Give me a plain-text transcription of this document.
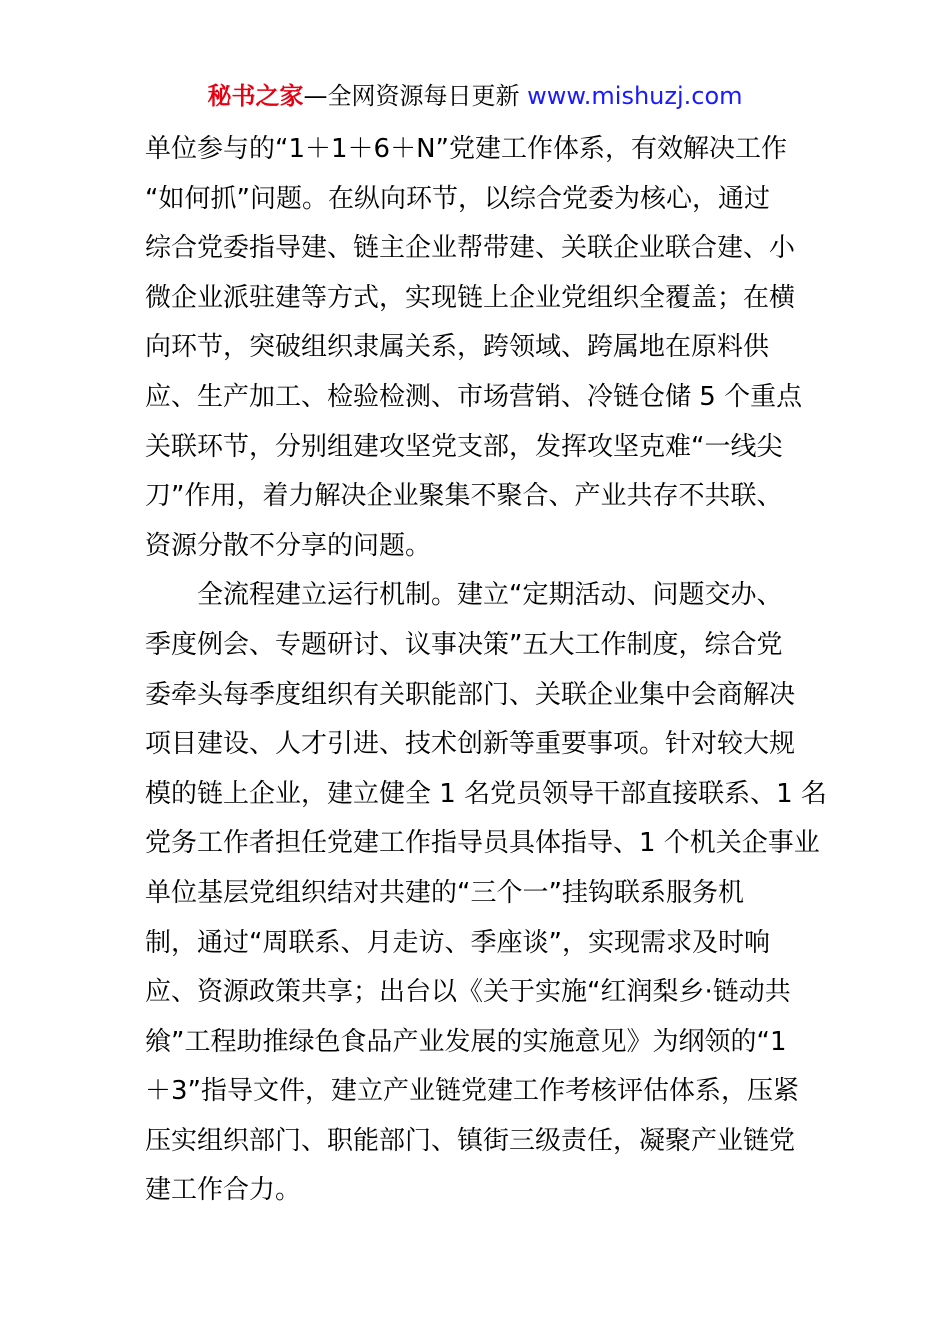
秘书之家—全网资源每日更新 www.mishuzj.com

单位参与的“1＋1＋6＋N”党建工作体系，有效解决工作
“如何抓”问题。在纵向环节，以综合党委为核心，通过
综合党委指导建、链主企业帮带建、关联企业联合建、小
微企业派驻建等方式，实现链上企业党组织全覆盖；在横
向环节，突破组织隶属关系，跨领域、跨属地在原料供
应、生产加工、检验检测、市场营销、冷链仓储 5 个重点
关联环节，分别组建攻坚党支部，发挥攻坚克难“一线尖
刀”作用，着力解决企业聚集不聚合、产业共存不共联、
资源分散不分享的问题。

全流程建立运行机制。建立“定期活动、问题交办、
季度例会、专题研讨、议事决策”五大工作制度，综合党
委牵头每季度组织有关职能部门、关联企业集中会商解决
项目建设、人才引进、技术创新等重要事项。针对较大规
模的链上企业，建立健全 1 名党员领导干部直接联系、1 名
党务工作者担任党建工作指导员具体指导、1 个机关企事业
单位基层党组织结对共建的“三个一”挂钩联系服务机
制，通过“周联系、月走访、季座谈”，实现需求及时响
应、资源政策共享；出台以《关于实施“红润梨乡·链动共
飨”工程助推绿色食品产业发展的实施意见》为纲领的“1
＋3”指导文件，建立产业链党建工作考核评估体系，压紧
压实组织部门、职能部门、镇街三级责任，凝聚产业链党
建工作合力。
